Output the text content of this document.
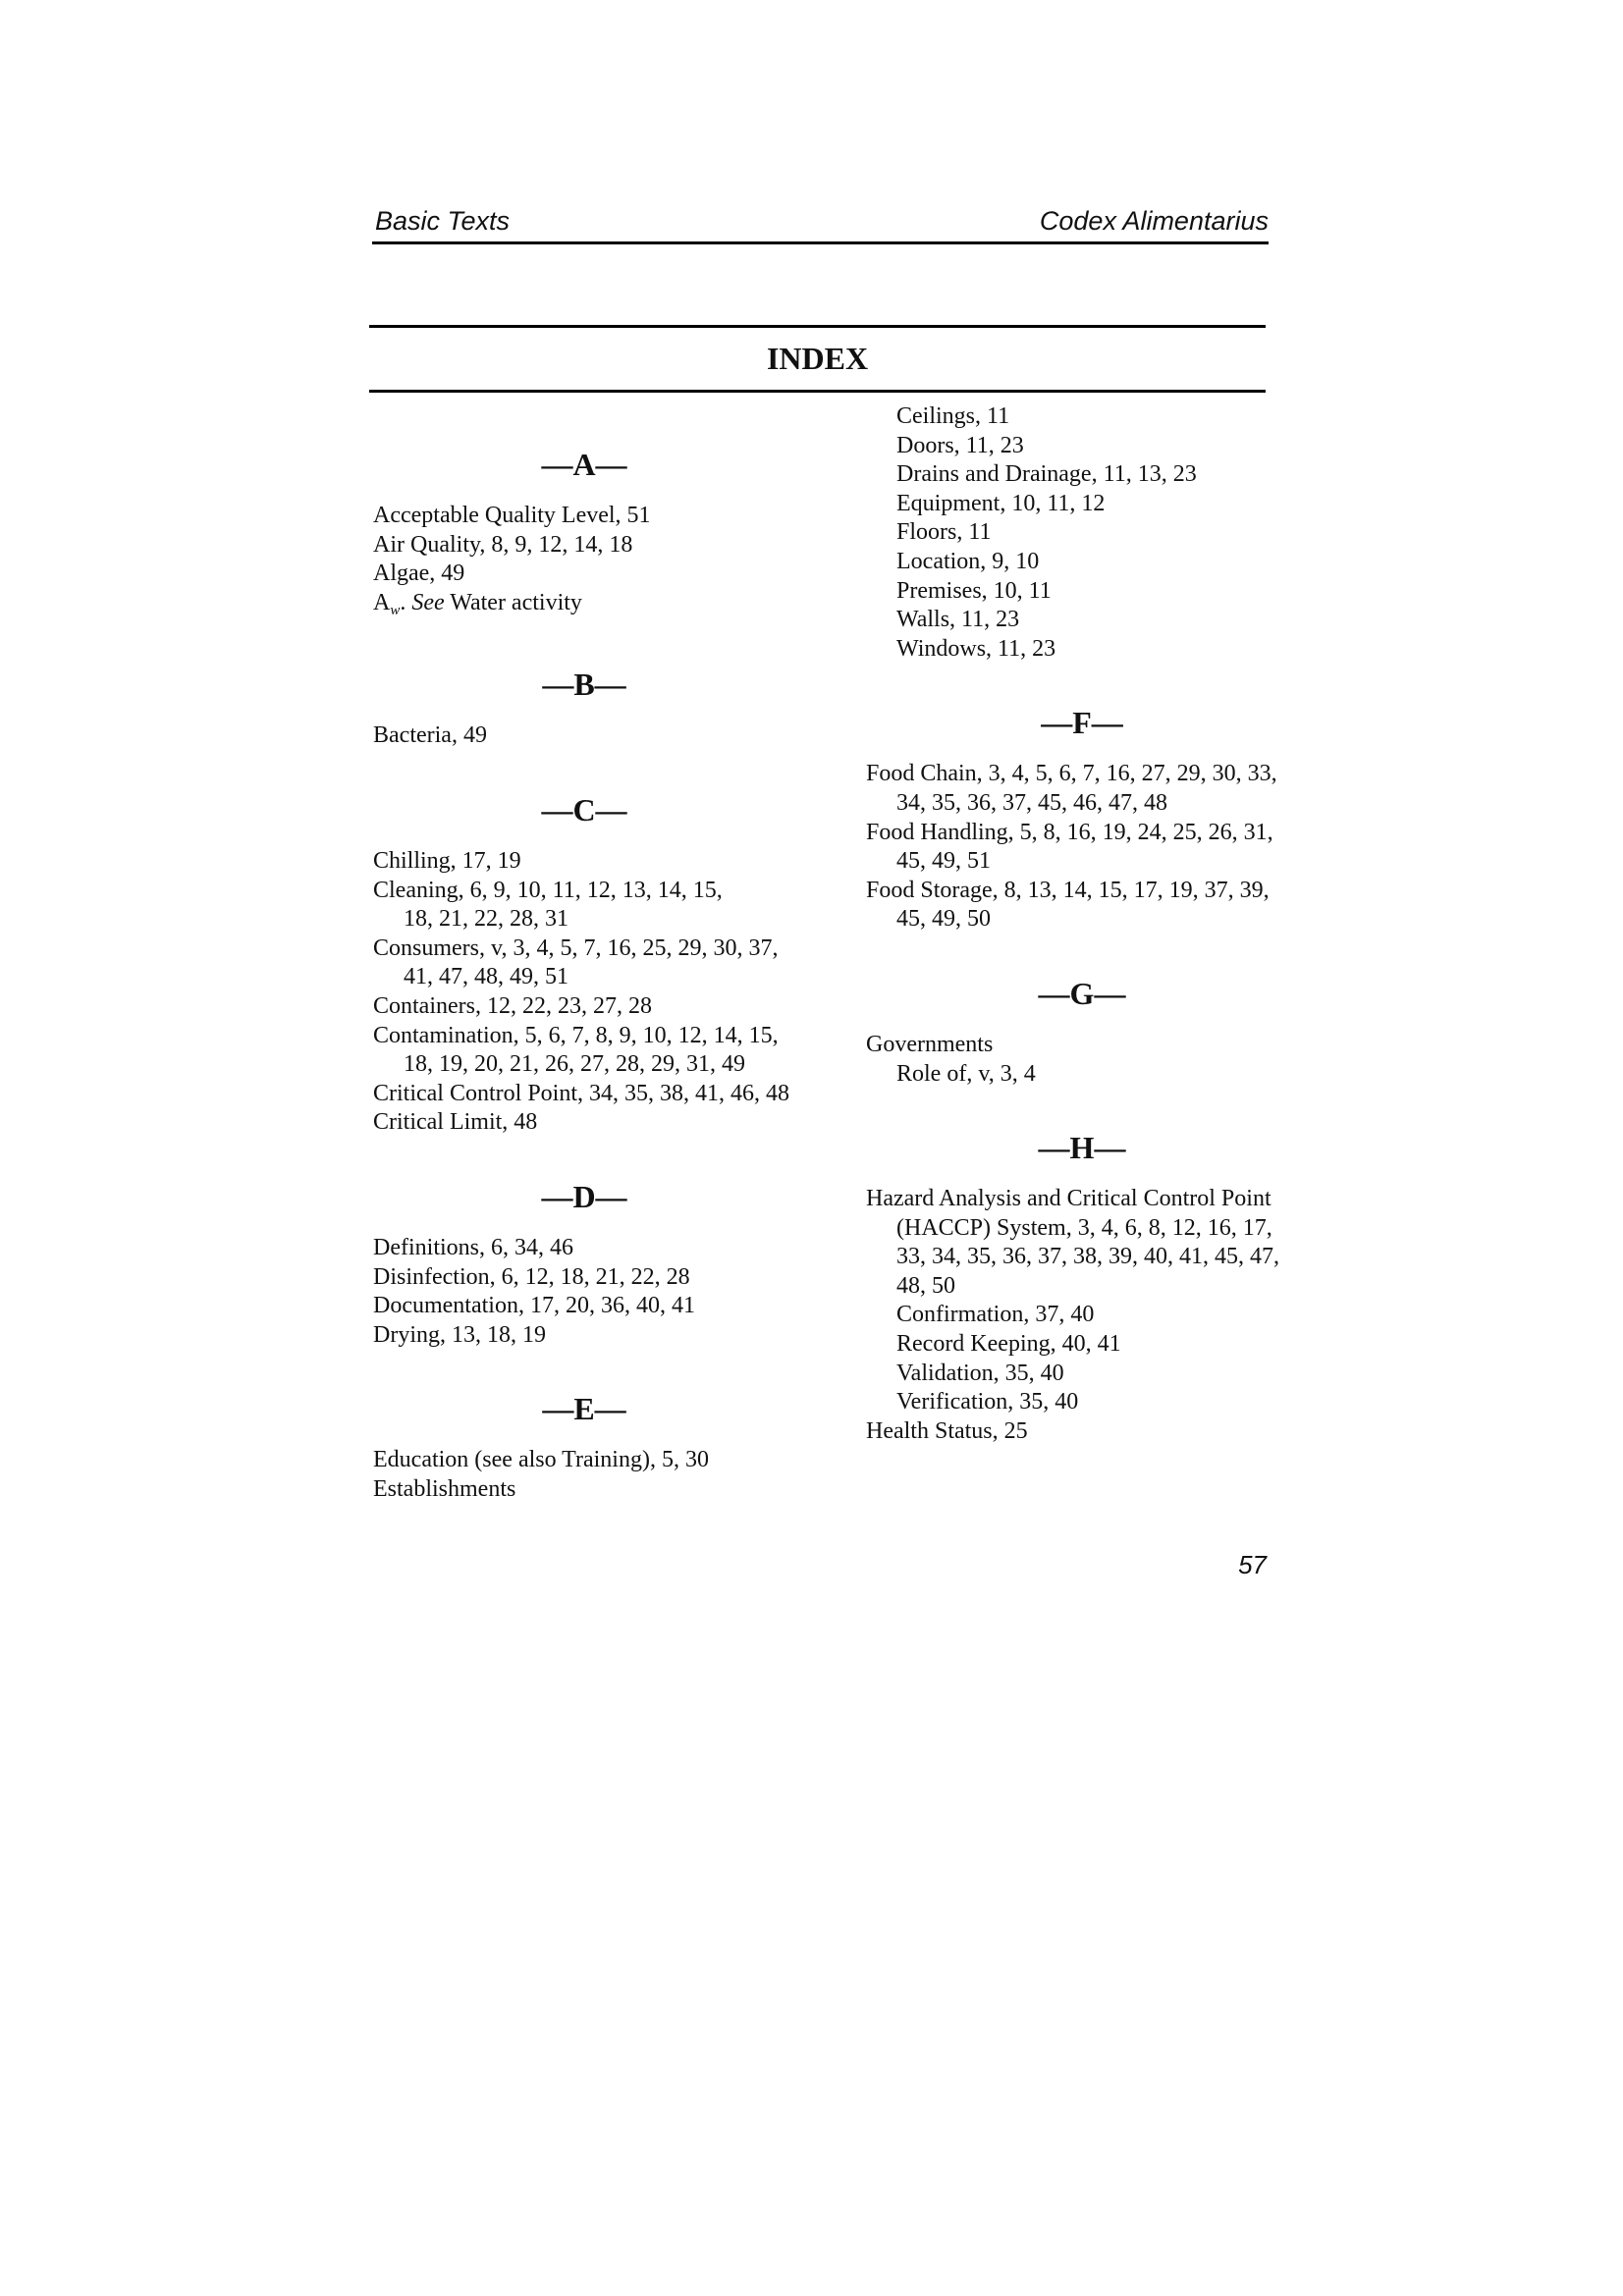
Basic Texts	Codex Alimentarius
INDEX
—A—
Acceptable Quality Level, 51
Air Quality, 8, 9, 12, 14, 18
Algae, 49
$A_w$. See Water activity
—B—
Bacteria, 49
—C—
Chilling, 17, 19
Cleaning, 6, 9, 10, 11, 12, 13, 14, 15, 18, 21, 22, 28, 31
Consumers, v, 3, 4, 5, 7, 16, 25, 29, 30, 37, 41, 47, 48, 49, 51
Containers, 12, 22, 23, 27, 28
Contamination, 5, 6, 7, 8, 9, 10, 12, 14, 15, 18, 19, 20, 21, 26, 27, 28, 29, 31, 49
Critical Control Point, 34, 35, 38, 41, 46, 48
Critical Limit, 48
—D—
Definitions, 6, 34, 46
Disinfection, 6, 12, 18, 21, 22, 28
Documentation, 17, 20, 36, 40, 41
Drying, 13, 18, 19
—E—
Education (see also Training), 5, 30
Establishments
Ceilings, 11
Doors, 11, 23
Drains and Drainage, 11, 13, 23
Equipment, 10, 11, 12
Floors, 11
Location, 9, 10
Premises, 10, 11
Walls, 11, 23
Windows, 11, 23
—F—
Food Chain, 3, 4, 5, 6, 7, 16, 27, 29, 30, 33, 34, 35, 36, 37, 45, 46, 47, 48
Food Handling, 5, 8, 16, 19, 24, 25, 26, 31, 45, 49, 51
Food Storage, 8, 13, 14, 15, 17, 19, 37, 39, 45, 49, 50
—G—
Governments
Role of, v, 3, 4
—H—
Hazard Analysis and Critical Control Point (HACCP) System, 3, 4, 6, 8, 12, 16, 17, 33, 34, 35, 36, 37, 38, 39, 40, 41, 45, 47, 48, 50
Confirmation, 37, 40
Record Keeping, 40, 41
Validation, 35, 40
Verification, 35, 40
Health Status, 25
57
